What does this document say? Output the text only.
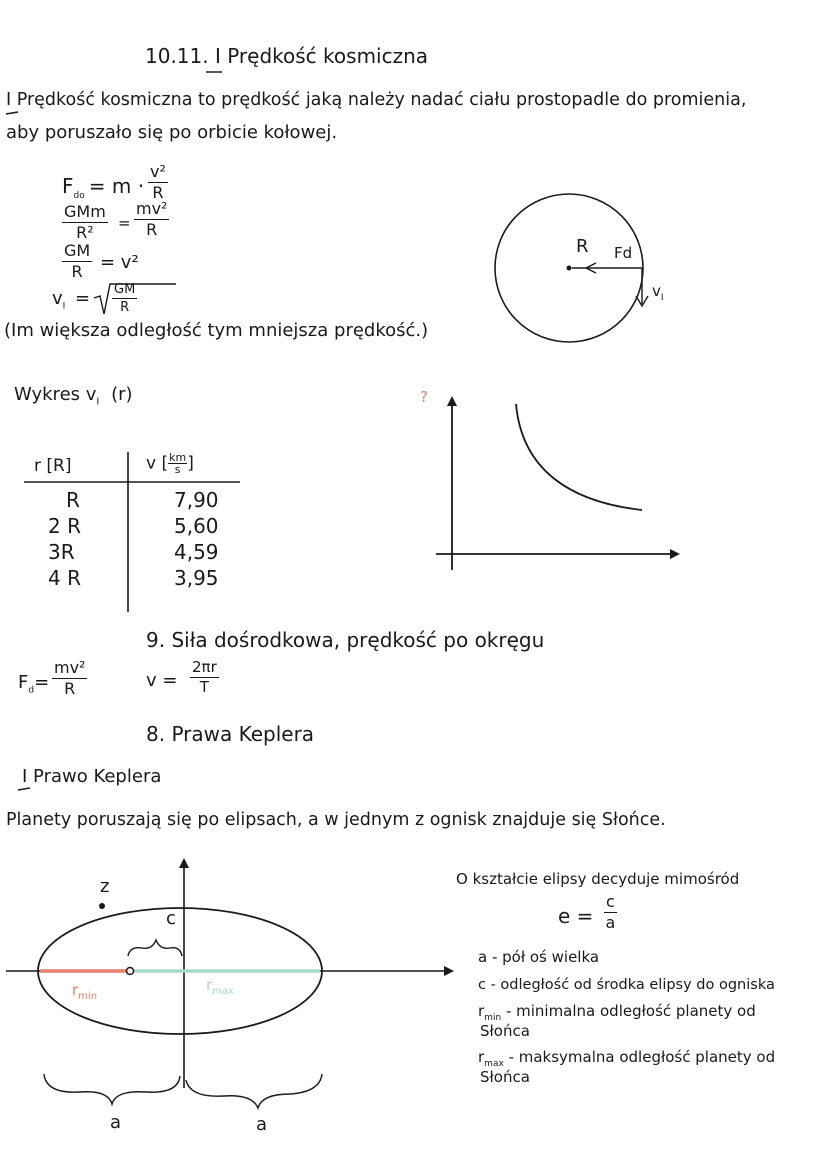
10.11. I Prędkość kosmiczna
I Prędkość kosmiczna to prędkość jaką należy nadać ciału prostopadle do promienia,
aby poruszało się po orbicie kołowej.
$F_{do} = m \cdot \frac{\text{v²}}{R}$
GMm
$R^2 = \frac{\text{mv²}}{R}$
$\frac{GM}{R} = v^2$
$v_I = \frac{GM}{R}$
(Im większa odległość tym mniejsza prędkość.)
R Fd
$v_I$
Wykres $v_I$ (r)	?
r [R]	v [ $\frac{km}{s}$ ]
R	7,90
2 R	5,60
3R	4,59
4 R	3,95
9. Siła dośrodkowa, prędkość po okręgu
$F_d= \frac{\text{mv²}}{R}$	$v = \frac{2\pi r}{T}$
8. Prawa Keplera
I Prawo Keplera
Planety poruszają się po elipsach, a w jednym z ognisk znajduje się Słońce.
z
c
$r_{min}$
$r_{max}$
a	a
O kształcie elipsy decyduje mimośród
$e = \frac{c}{a}$
a - pół oś wielka
c - odległość od środka elipsy do ogniska
$r_{min}$ - minimalna odległość planety od
Słońca
$r_{max}$ - maksymalna odległość planety od
Słońca
